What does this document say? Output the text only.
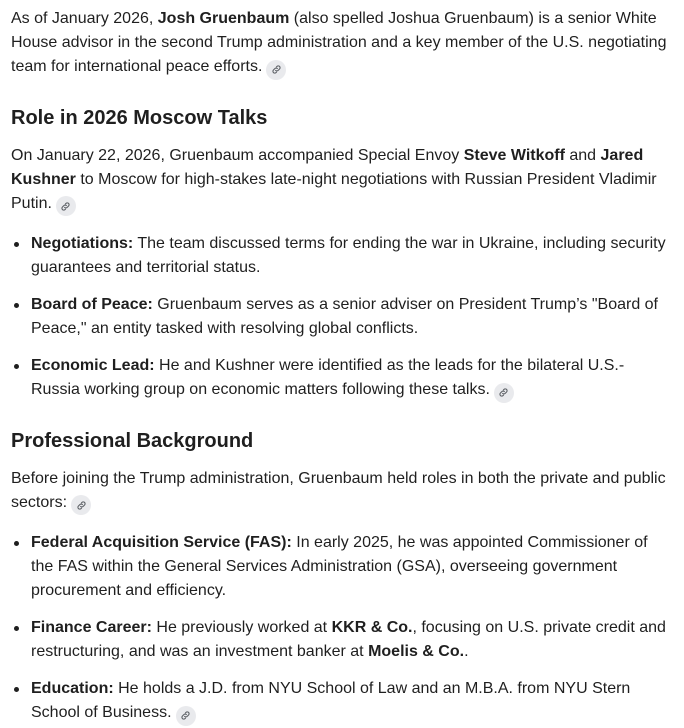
As of January 2026, Josh Gruenbaum (also spelled Joshua Gruenbaum) is a senior White House advisor in the second Trump administration and a key member of the U.S. negotiating team for international peace efforts.

Role in 2026 Moscow Talks

On January 22, 2026, Gruenbaum accompanied Special Envoy Steve Witkoff and Jared Kushner to Moscow for high-stakes late-night negotiations with Russian President Vladimir Putin.

Negotiations: The team discussed terms for ending the war in Ukraine, including security guarantees and territorial status.
Board of Peace: Gruenbaum serves as a senior adviser on President Trump’s "Board of Peace," an entity tasked with resolving global conflicts.
Economic Lead: He and Kushner were identified as the leads for the bilateral U.S.-Russia working group on economic matters following these talks.
Professional Background

Before joining the Trump administration, Gruenbaum held roles in both the private and public sectors:

Federal Acquisition Service (FAS): In early 2025, he was appointed Commissioner of the FAS within the General Services Administration (GSA), overseeing government procurement and efficiency.
Finance Career: He previously worked at KKR & Co., focusing on U.S. private credit and restructuring, and was an investment banker at Moelis & Co..
Education: He holds a J.D. from NYU School of Law and an M.B.A. from NYU Stern School of Business.
